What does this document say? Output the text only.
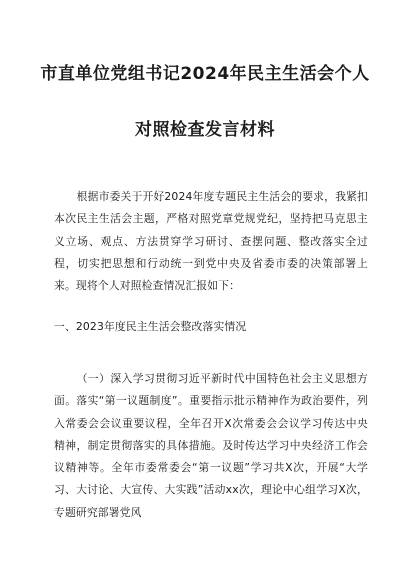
市直单位党组书记2024年民主生活会个人
对照检查发言材料
根据市委关于开好2024年度专题民主生活会的要求，我紧扣本次民主生活会主题，严格对照党章党规党纪，坚持把马克思主义立场、观点、方法贯穿学习研讨、查摆问题、整改落实全过程，切实把思想和行动统一到党中央及省委市委的决策部署上来。现将个人对照检查情况汇报如下：
一、2023年度民主生活会整改落实情况
（一）深入学习贯彻习近平新时代中国特色社会主义思想方面。落实“第一议题制度”。重要指示批示精神作为政治要件，列入常委会会议重要议程，全年召开X次常委会会议学习传达中央精神，制定贯彻落实的具体措施。及时传达学习中央经济工作会议精神等。全年市委常委会“第一议题”学习共X次，开展“大学习、大讨论、大宣传、大实践”活动xx次，理论中心组学习X次，专题研究部署党风
